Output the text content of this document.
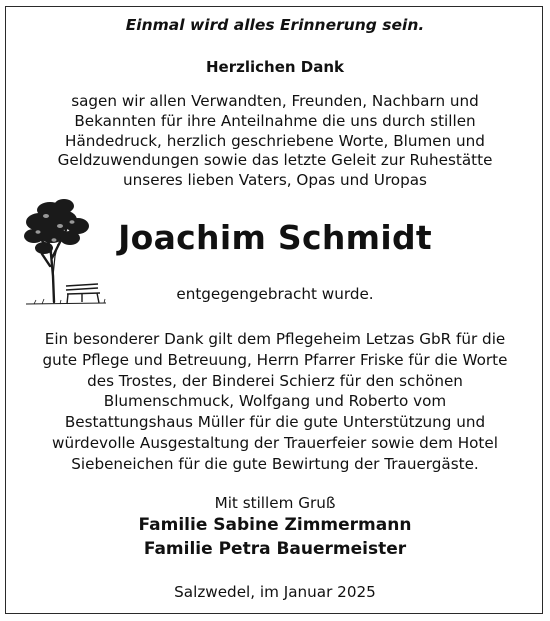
Einmal wird alles Erinnerung sein.
Herzlichen Dank
sagen wir allen Verwandten, Freunden, Nachbarn und
Bekannten für ihre Anteilnahme die uns durch stillen
Händedruck, herzlich geschriebene Worte, Blumen und
Geldzuwendungen sowie das letzte Geleit zur Ruhestätte
unseres lieben Vaters, Opas und Uropas
Joachim Schmidt
entgegengebracht wurde.
Ein besonderer Dank gilt dem Pflegeheim Letzas GbR für die
gute Pflege und Betreuung, Herrn Pfarrer Friske für die Worte
des Trostes, der Binderei Schierz für den schönen
Blumenschmuck, Wolfgang und Roberto vom
Bestattungshaus Müller für die gute Unterstützung und
würdevolle Ausgestaltung der Trauerfeier sowie dem Hotel
Siebeneichen für die gute Bewirtung der Trauergäste.
Mit stillem Gruß
Familie Sabine Zimmermann
Familie Petra Bauermeister
Salzwedel, im Januar 2025
